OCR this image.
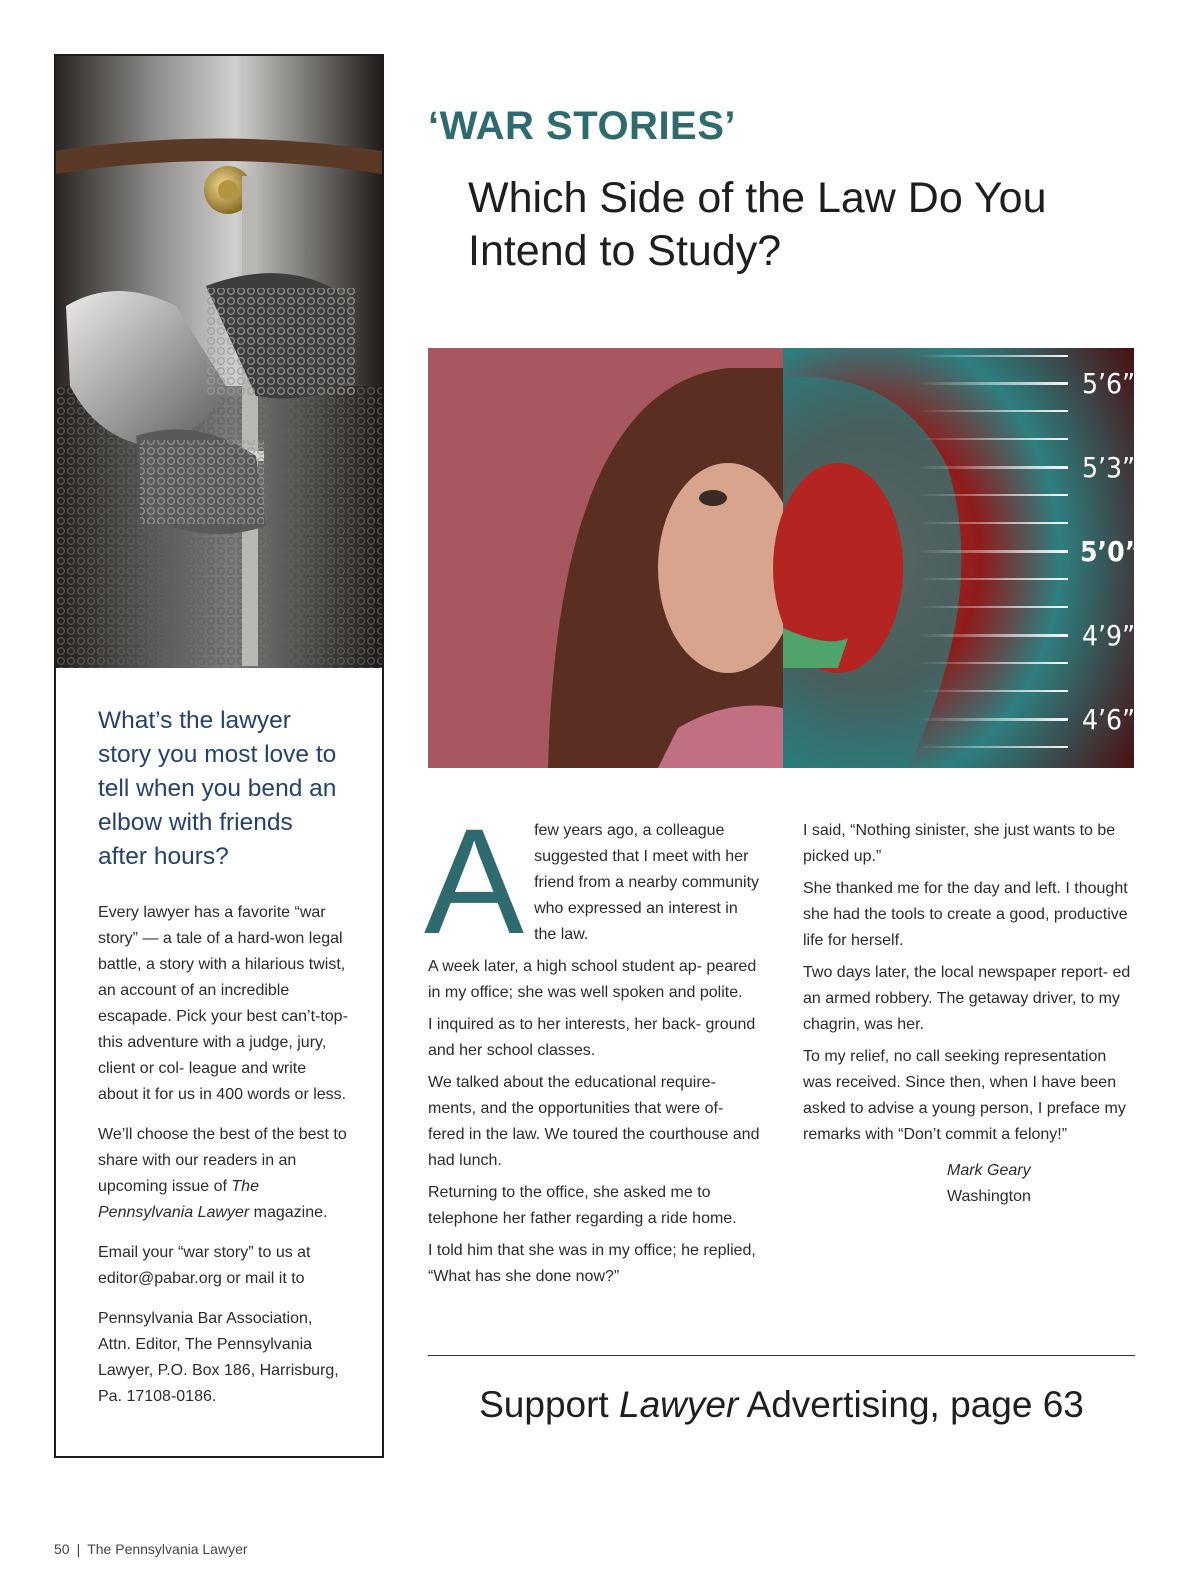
What’s the lawyer story you most love to tell when you bend an elbow with friends after hours?

Every lawyer has a favorite “war story” — a tale of a hard-won legal battle, a story with a hilarious twist, an account of an incredible escapade. Pick your best can’t-top-this adventure with a judge, jury, client or col- league and write about it for us in 400 words or less.

We’ll choose the best of the best to share with our readers in an upcoming issue of The Pennsylvania Lawyer magazine.

Email your “war story” to us at editor@pabar.org or mail it to

Pennsylvania Bar Association, Attn. Editor, The Pennsylvania Lawyer, P.O. Box 186, Harrisburg, Pa. 17108-0186.

‘WAR STORIES’
Which Side of the Law Do You Intend to Study?
5’6”
5’3”
5’0”
4’9”
4’6”

Afew years ago, a colleague suggested that I meet with her friend from a nearby community who expressed an interest in the law.

A week later, a high school student ap- peared in my office; she was well spoken and polite.

I inquired as to her interests, her back- ground and her school classes.

We talked about the educational require- ments, and the opportunities that were of- fered in the law. We toured the courthouse and had lunch.

Returning to the office, she asked me to telephone her father regarding a ride home.

I told him that she was in my office; he replied, “What has she done now?”

I said, “Nothing sinister, she just wants to be picked up.”

She thanked me for the day and left. I thought she had the tools to create a good, productive life for herself.

Two days later, the local newspaper report- ed an armed robbery. The getaway driver, to my chagrin, was her.

To my relief, no call seeking representation was received. Since then, when I have been asked to advise a young person, I preface my remarks with “Don’t commit a felony!”

Mark Geary
Washington
Support Lawyer Advertising, page 63
50 | The Pennsylvania Lawyer
